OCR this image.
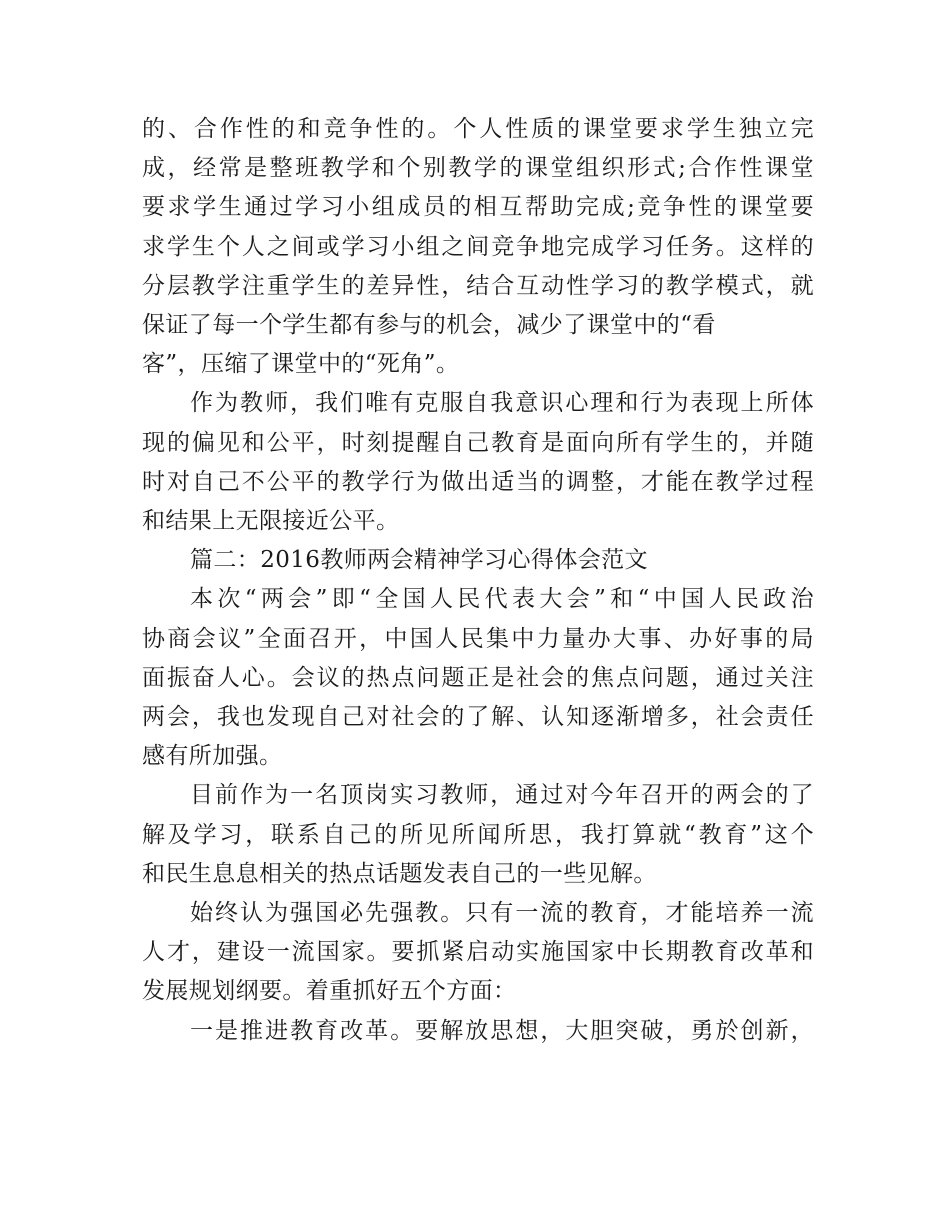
的、合作性的和竞争性的。个人性质的课堂要求学生独立完
成，经常是整班教学和个别教学的课堂组织形式;合作性课堂
要求学生通过学习小组成员的相互帮助完成;竞争性的课堂要
求学生个人之间或学习小组之间竞争地完成学习任务。这样的
分层教学注重学生的差异性，结合互动性学习的教学模式，就
保证了每一个学生都有参与的机会，减少了课堂中的“看
客”，压缩了课堂中的“死角”。

作为教师，我们唯有克服自我意识心理和行为表现上所体
现的偏见和公平，时刻提醒自己教育是面向所有学生的，并随
时对自己不公平的教学行为做出适当的调整，才能在教学过程
和结果上无限接近公平。

篇二：2016教师两会精神学习心得体会范文

本次“两会”即“全国人民代表大会”和“中国人民政治
协商会议”全面召开，中国人民集中力量办大事、办好事的局
面振奋人心。会议的热点问题正是社会的焦点问题，通过关注
两会，我也发现自己对社会的了解、认知逐渐增多，社会责任
感有所加强。

目前作为一名顶岗实习教师，通过对今年召开的两会的了
解及学习，联系自己的所见所闻所思，我打算就“教育”这个
和民生息息相关的热点话题发表自己的一些见解。

始终认为强国必先强教。只有一流的教育，才能培养一流
人才，建设一流国家。要抓紧启动实施国家中长期教育改革和
发展规划纲要。着重抓好五个方面：

一是推进教育改革。要解放思想，大胆突破，勇於创新，
